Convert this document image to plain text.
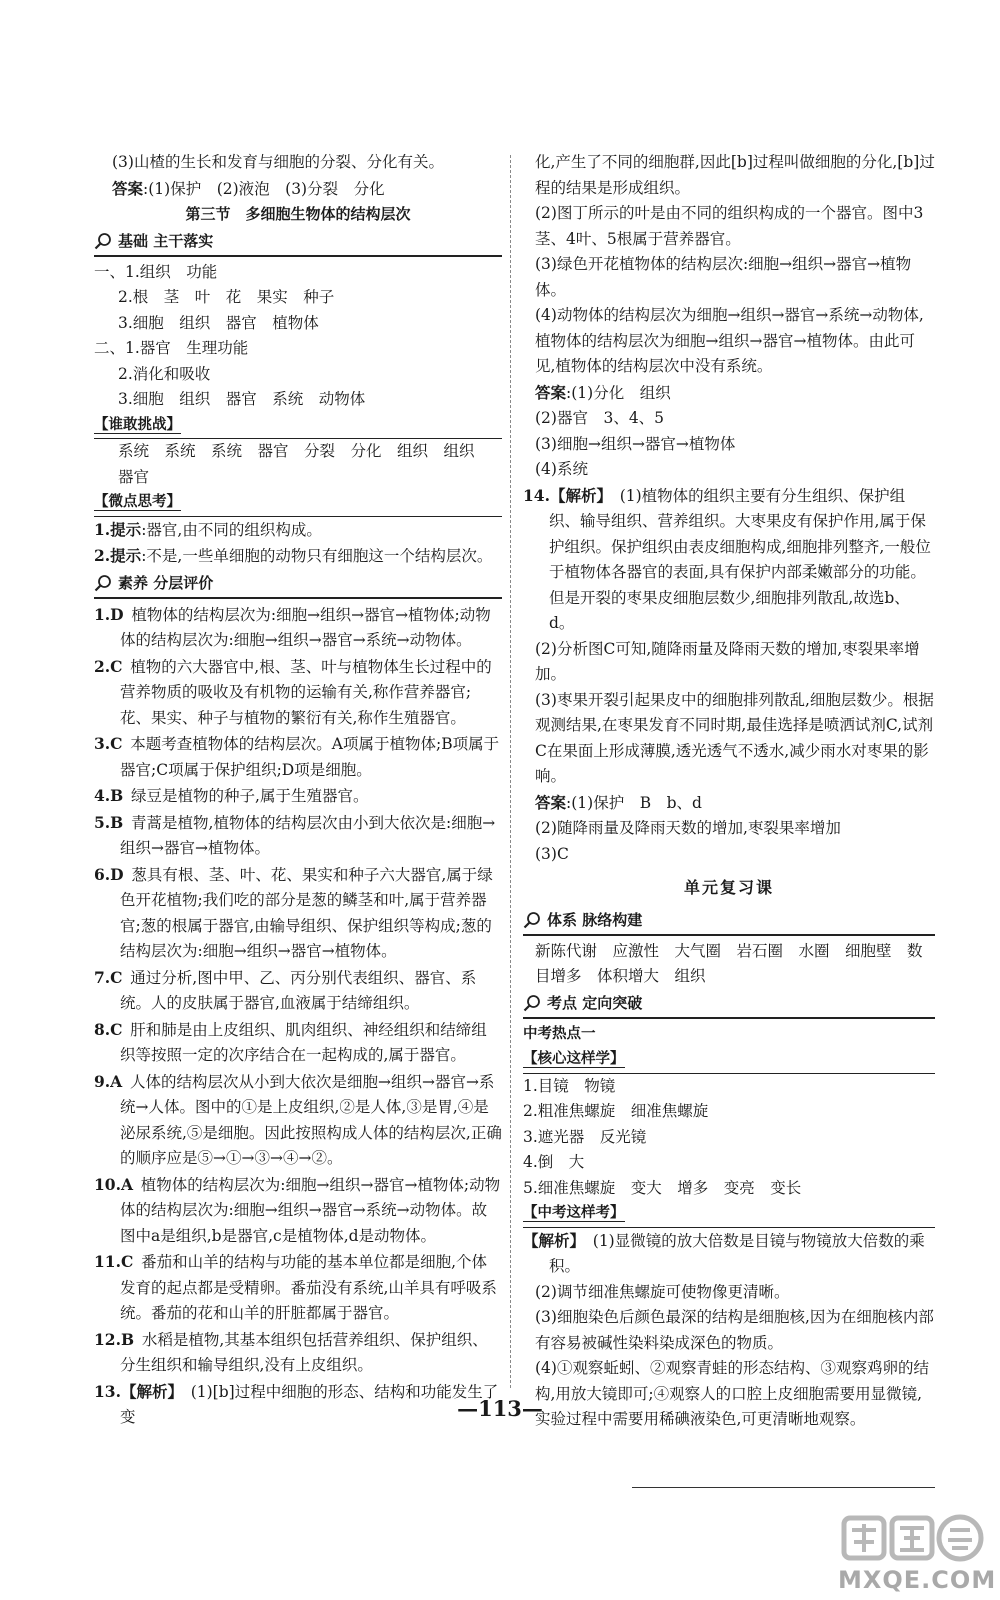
(3)山楂的生长和发育与细胞的分裂、分化有关。
答案:(1)保护　(2)液泡　(3)分裂　分化
第三节　多细胞生物体的结构层次
基础 主干落实
一、1.组织　功能
2.根　茎　叶　花　果实　种子
3.细胞　组织　器官　植物体
二、1.器官　生理功能
2.消化和吸收
3.细胞　组织　器官　系统　动物体
【谁敢挑战】
系统　系统　系统　器官　分裂　分化　组织　组织
器官
【微点思考】
1.提示:器官,由不同的组织构成。
2.提示:不是,一些单细胞的动物只有细胞这一个结构层次。
素养 分层评价
1.D  植物体的结构层次为:细胞→组织→器官→植物体;动物体的结构层次为:细胞→组织→器官→系统→动物体。
2.C  植物的六大器官中,根、茎、叶与植物体生长过程中的营养物质的吸收及有机物的运输有关,称作营养器官;花、果实、种子与植物的繁衍有关,称作生殖器官。
3.C  本题考查植物体的结构层次。A项属于植物体;B项属于器官;C项属于保护组织;D项是细胞。
4.B  绿豆是植物的种子,属于生殖器官。
5.B  青蒿是植物,植物体的结构层次由小到大依次是:细胞→组织→器官→植物体。
6.D  葱具有根、茎、叶、花、果实和种子六大器官,属于绿色开花植物;我们吃的部分是葱的鳞茎和叶,属于营养器官;葱的根属于器官,由输导组织、保护组织等构成;葱的结构层次为:细胞→组织→器官→植物体。
7.C  通过分析,图中甲、乙、丙分别代表组织、器官、系统。人的皮肤属于器官,血液属于结缔组织。
8.C  肝和肺是由上皮组织、肌肉组织、神经组织和结缔组织等按照一定的次序结合在一起构成的,属于器官。
9.A  人体的结构层次从小到大依次是细胞→组织→器官→系统→人体。图中的①是上皮组织,②是人体,③是胃,④是泌尿系统,⑤是细胞。因此按照构成人体的结构层次,正确的顺序应是⑤→①→③→④→②。
10.A  植物体的结构层次为:细胞→组织→器官→植物体;动物体的结构层次为:细胞→组织→器官→系统→动物体。故图中a是组织,b是器官,c是植物体,d是动物体。
11.C  番茄和山羊的结构与功能的基本单位都是细胞,个体发育的起点都是受精卵。番茄没有系统,山羊具有呼吸系统。番茄的花和山羊的肝脏都属于器官。
12.B  水稻是植物,其基本组织包括营养组织、保护组织、分生组织和输导组织,没有上皮组织。
13.【解析】  (1)[b]过程中细胞的形态、结构和功能发生了变
化,产生了不同的细胞群,因此[b]过程叫做细胞的分化,[b]过程的结果是形成组织。
(2)图丁所示的叶是由不同的组织构成的一个器官。图中3茎、4叶、5根属于营养器官。
(3)绿色开花植物体的结构层次:细胞→组织→器官→植物体。
(4)动物体的结构层次为细胞→组织→器官→系统→动物体,植物体的结构层次为细胞→组织→器官→植物体。由此可见,植物体的结构层次中没有系统。
答案:(1)分化　组织
(2)器官　3、4、5
(3)细胞→组织→器官→植物体
(4)系统
14.【解析】  (1)植物体的组织主要有分生组织、保护组织、输导组织、营养组织。大枣果皮有保护作用,属于保护组织。保护组织由表皮细胞构成,细胞排列整齐,一般位于植物体各器官的表面,具有保护内部柔嫩部分的功能。但是开裂的枣果皮细胞层数少,细胞排列散乱,故选b、d。
(2)分析图C可知,随降雨量及降雨天数的增加,枣裂果率增加。
(3)枣果开裂引起果皮中的细胞排列散乱,细胞层数少。根据观测结果,在枣果发育不同时期,最佳选择是喷洒试剂C,试剂C在果面上形成薄膜,透光透气不透水,减少雨水对枣果的影响。
答案:(1)保护　B　b、d
(2)随降雨量及降雨天数的增加,枣裂果率增加
(3)C
单元复习课
体系 脉络构建
新陈代谢　应激性　大气圈　岩石圈　水圈　细胞壁　数目增多　体积增大　组织
考点 定向突破
中考热点一
【核心这样学】
1.目镜　物镜
2.粗准焦螺旋　细准焦螺旋
3.遮光器　反光镜
4.倒　大
5.细准焦螺旋　变大　增多　变亮　变长
【中考这样考】
【解析】  (1)显微镜的放大倍数是目镜与物镜放大倍数的乘积。
(2)调节细准焦螺旋可使物像更清晰。
(3)细胞染色后颜色最深的结构是细胞核,因为在细胞核内部有容易被碱性染料染成深色的物质。
(4)①观察蚯蚓、②观察青蛙的形态结构、③观察鸡卵的结构,用放大镜即可;④观察人的口腔上皮细胞需要用显微镜,实验过程中需要用稀碘液染色,可更清晰地观察。
—113—
MXQE.COM
